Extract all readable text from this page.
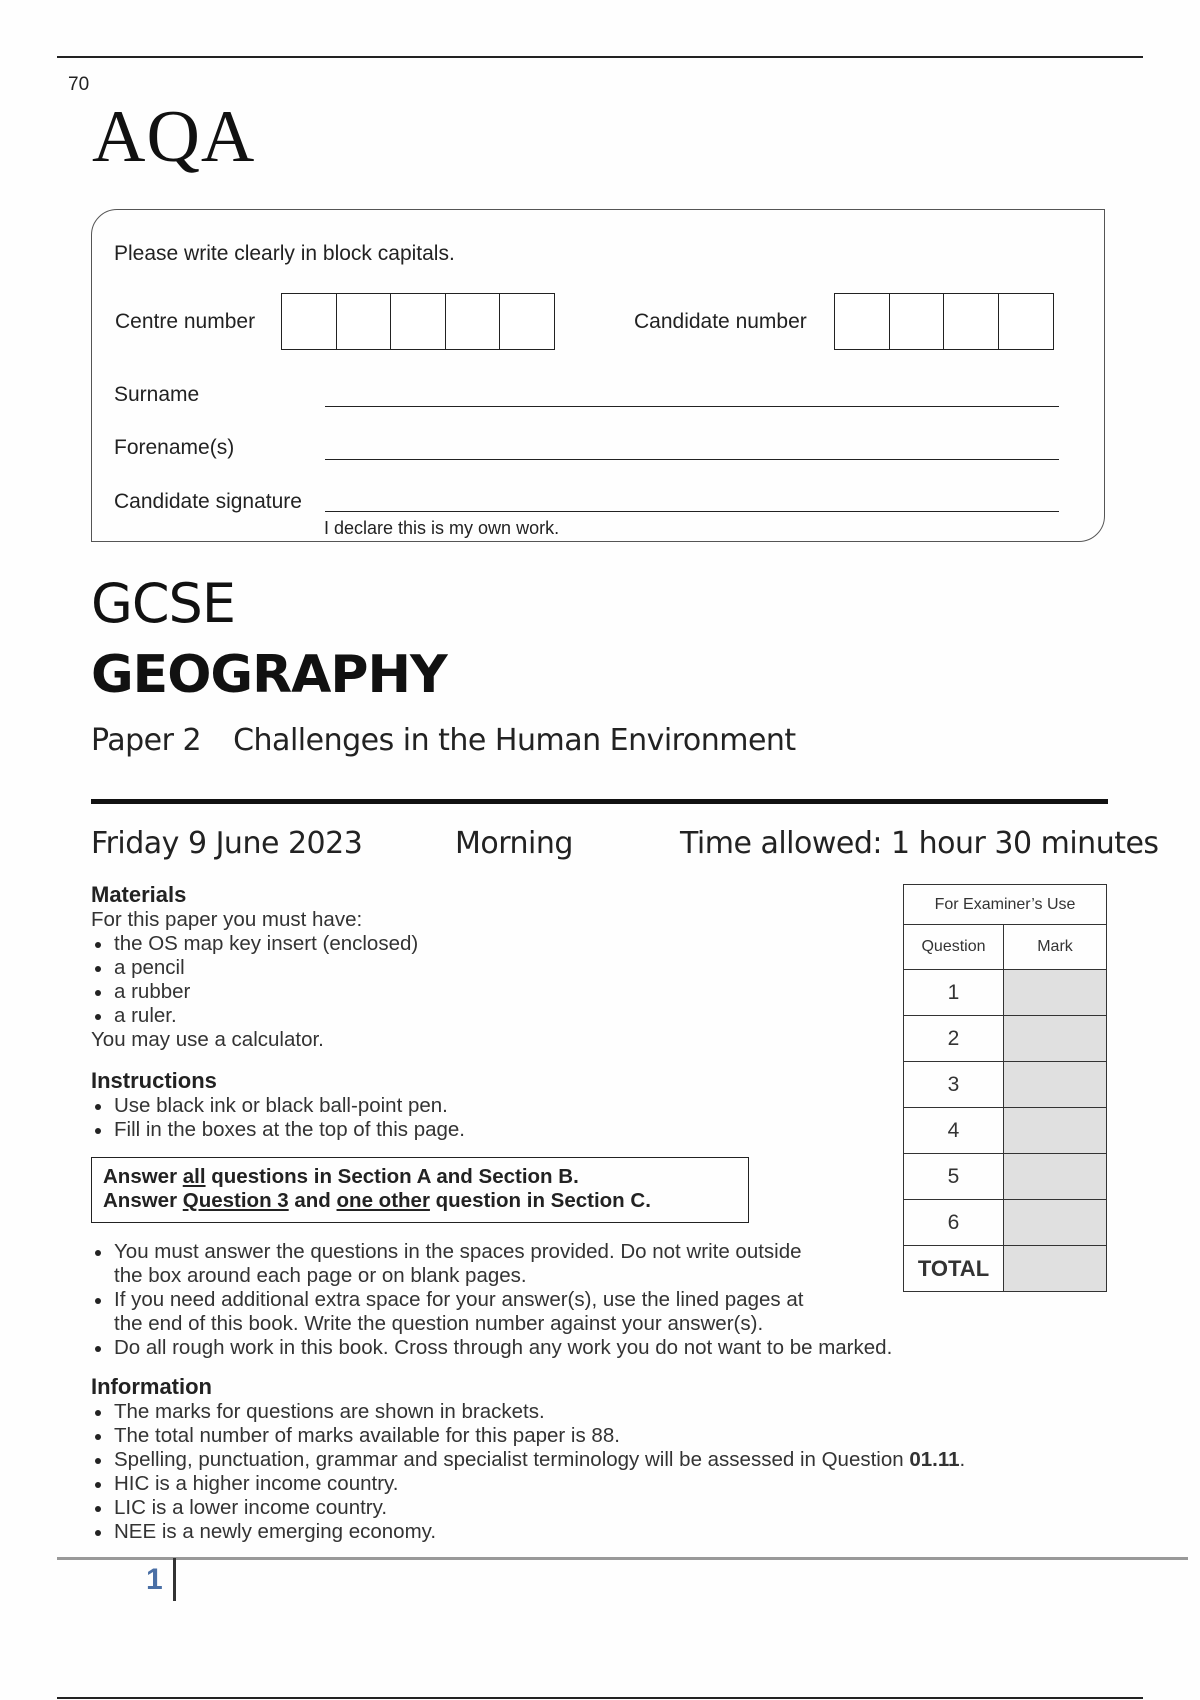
70
AQA
Please write clearly in block capitals.
Centre number	Candidate number
Surname
Forename(s)
Candidate signature
I declare this is my own work.
GCSE
GEOGRAPHY
Paper 2 Challenges in the Human Environment
Friday 9 June 2023	Morning	Time allowed: 1 hour 30 minutes
Materials
For this paper you must have:
the OS map key insert (enclosed)
a pencil
a rubber
a ruler.
You may use a calculator.
Instructions
Use black ink or black ball-point pen.
Fill in the boxes at the top of this page.
Answer all questions in Section A and Section B.
Answer Question 3 and one other question in Section C.
You must answer the questions in the spaces provided. Do not write outside
the box around each page or on blank pages.
If you need additional extra space for your answer(s), use the lined pages at
the end of this book. Write the question number against your answer(s).
Do all rough work in this book. Cross through any work you do not want to be marked.
Information
The marks for questions are shown in brackets.
The total number of marks available for this paper is 88.
Spelling, punctuation, grammar and specialist terminology will be assessed in Question 01.11.
HIC is a higher income country.
LIC is a lower income country.
NEE is a newly emerging economy.
For Examiner’s Use	
Question	Mark
1	
2	
3	
4	
5	
6	
TOTAL	
1
